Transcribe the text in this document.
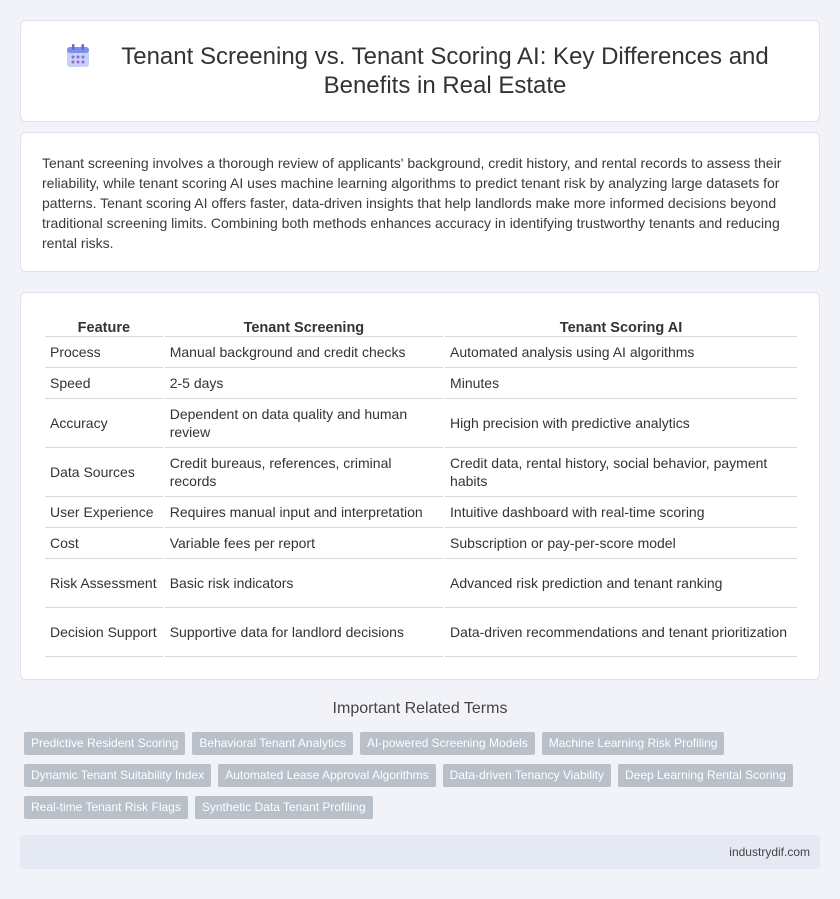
Tenant Screening vs. Tenant Scoring AI: Key Differences and Benefits in Real Estate

Tenant screening involves a thorough review of applicants' background, credit history, and rental records to assess their reliability, while tenant scoring AI uses machine learning algorithms to predict tenant risk by analyzing large datasets for patterns. Tenant scoring AI offers faster, data-driven insights that help landlords make more informed decisions beyond traditional screening limits. Combining both methods enhances accuracy in identifying trustworthy tenants and reducing rental risks.

Feature	Tenant Screening	Tenant Scoring AI
Process	Manual background and credit checks	Automated analysis using AI algorithms
Speed	2-5 days	Minutes
Accuracy	Dependent on data quality and human review	High precision with predictive analytics
Data Sources	Credit bureaus, references, criminal records	Credit data, rental history, social behavior, payment habits
User Experience	Requires manual input and interpretation	Intuitive dashboard with real-time scoring
Cost	Variable fees per report	Subscription or pay-per-score model
Risk Assessment	Basic risk indicators	Advanced risk prediction and tenant ranking
Decision Support	Supportive data for landlord decisions	Data-driven recommendations and tenant prioritization
Important Related Terms
Predictive Resident Scoring	Behavioral Tenant Analytics	AI-powered Screening Models	Machine Learning Risk Profiling
Dynamic Tenant Suitability Index	Automated Lease Approval Algorithms	Data-driven Tenancy Viability	Deep Learning Rental Scoring
Real-time Tenant Risk Flags	Synthetic Data Tenant Profiling
industrydif.com
